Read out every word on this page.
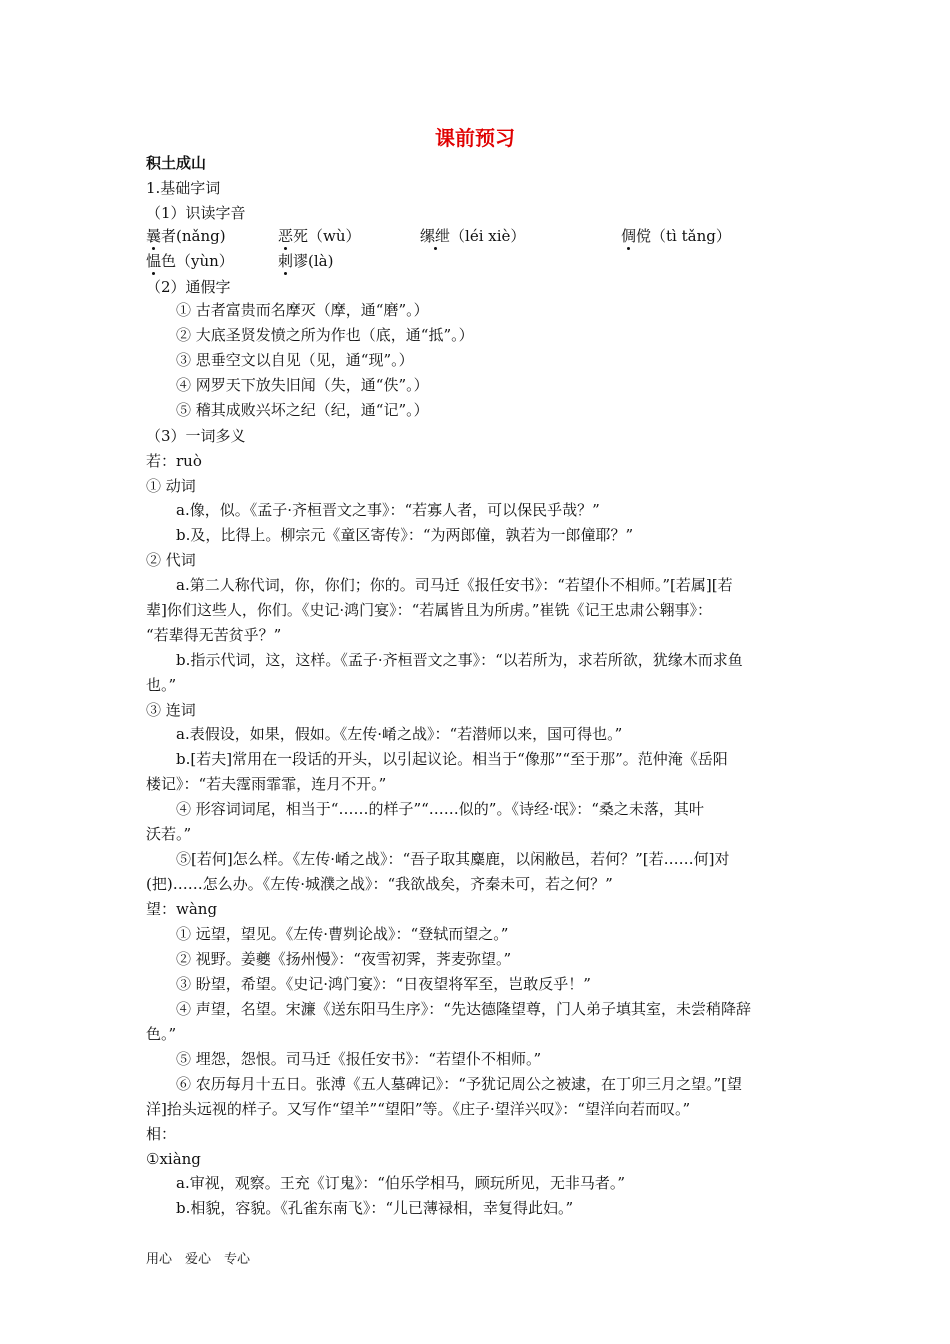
课前预习
积土成山
1.基础字词
（1）识读字音
曩者(nǎng)	恶死（wù）	缧绁（léi xiè）	倜傥（tì tǎng）
愠色（yùn）	刺谬(là)
（2）通假字
① 古者富贵而名摩灭（摩，通“磨”。）
② 大底圣贤发愤之所为作也（底，通“抵”。）
③ 思垂空文以自见（见，通“现”。）
④ 网罗天下放失旧闻（失，通“佚”。）
⑤ 稽其成败兴坏之纪（纪，通“记”。）
（3）一词多义
若：ruò
① 动词
a.像，似。《孟子·齐桓晋文之事》：“若寡人者，可以保民乎哉？”
b.及，比得上。柳宗元《童区寄传》：“为两郎僮，孰若为一郎僮耶？”
② 代词
a.第二人称代词，你，你们；你的。司马迁《报任安书》：“若望仆不相师。”[若属][若
辈]你们这些人，你们。《史记·鸿门宴》：“若属皆且为所虏。”崔铣《记王忠肃公翱事》：
“若辈得无苦贫乎？”
b.指示代词，这，这样。《孟子·齐桓晋文之事》：“以若所为，求若所欲，犹缘木而求鱼
也。”
③ 连词
a.表假设，如果，假如。《左传·崤之战》：“若潜师以来，国可得也。”
b.[若夫]常用在一段话的开头，以引起议论。相当于“像那”“至于那”。范仲淹《岳阳
楼记》：“若夫霪雨霏霏，连月不开。”
④ 形容词词尾，相当于“……的样子”“……似的”。《诗经·氓》：“桑之未落，其叶
沃若。”
⑤[若何]怎么样。《左传·崤之战》：“吾子取其麋鹿，以闲敝邑，若何？”[若……何]对
(把)……怎么办。《左传·城濮之战》：“我欲战矣，齐秦未可，若之何？”
望：wàng
① 远望，望见。《左传·曹刿论战》：“登轼而望之。”
② 视野。姜夔《扬州慢》：“夜雪初霁，荠麦弥望。”
③ 盼望，希望。《史记·鸿门宴》：“日夜望将军至，岂敢反乎！”
④ 声望，名望。宋濂《送东阳马生序》：“先达德隆望尊，门人弟子填其室，未尝稍降辞
色。”
⑤ 埋怨，怨恨。司马迁《报任安书》：“若望仆不相师。”
⑥ 农历每月十五日。张溥《五人墓碑记》：“予犹记周公之被逮，在丁卯三月之望。”[望
洋]抬头远视的样子。又写作“望羊”“望阳”等。《庄子·望洋兴叹》：“望洋向若而叹。”
相：
①xiàng
a.审视，观察。王充《订鬼》：“伯乐学相马，顾玩所见，无非马者。”
b.相貌，容貌。《孔雀东南飞》：“儿已薄禄相，幸复得此妇。”
用心　爱心　专心
